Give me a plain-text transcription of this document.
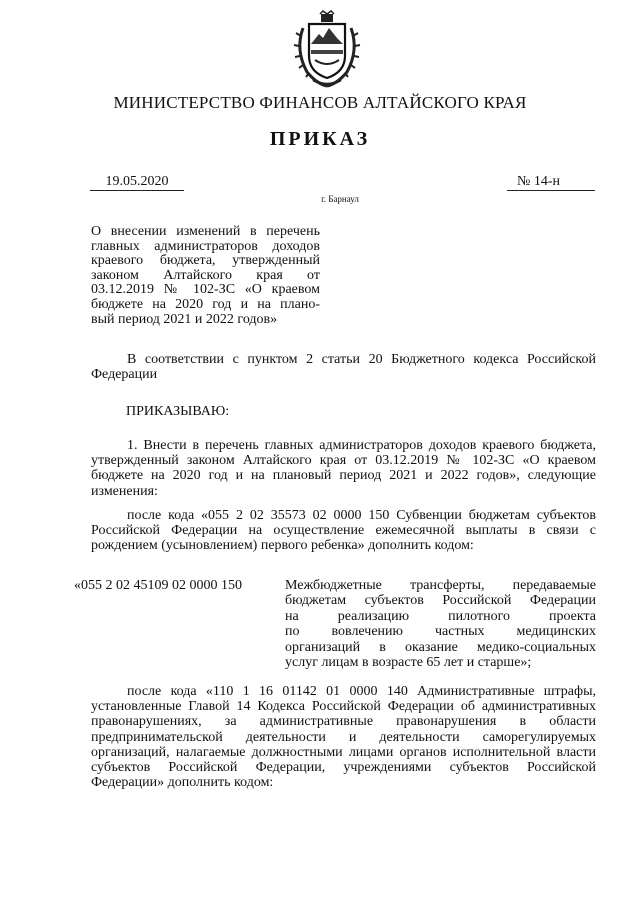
МИНИСТЕРСТВО ФИНАНСОВ АЛТАЙСКОГО КРАЯ
ПРИКАЗ
19.05.2020	№ 14-н
г. Барнаул
О внесении изменений в перечень
главных администраторов доходов
краевого бюджета, утвержденный
законом Алтайского края от
03.12.2019 № 102-ЗС «О краевом
бюджете на 2020 год и на плано-
вый период 2021 и 2022 годов»
В соответствии с пунктом 2 статьи 20 Бюджетного кодекса Российской Федерации
ПРИКАЗЫВАЮ:
1. Внести в перечень главных администраторов доходов краевого бюджета, утвержденный законом Алтайского края от 03.12.2019 № 102-ЗС «О краевом бюджете на 2020 год и на плановый период 2021 и 2022 годов», следующие изменения:
после кода «055 2 02 35573 02 0000 150 Субвенции бюджетам субъектов Российской Федерации на осуществление ежемесячной выплаты в связи с рождением (усыновлением) первого ребенка» дополнить кодом:
«055 2 02 45109 02 0000 150	Межбюджетные трансферты, передаваемые
бюджетам субъектов Российской Федерации
на реализацию пилотного проекта
по вовлечению частных медицинских
организаций в оказание медико-социальных
услуг лицам в возрасте 65 лет и старше»;
после кода «110 1 16 01142 01 0000 140 Административные штрафы, установленные Главой 14 Кодекса Российской Федерации об административных правонарушениях, за административные правонарушения в области предпринимательской деятельности и деятельности саморегулируемых организаций, налагаемые должностными лицами органов исполнительной власти субъектов Российской Федерации, учреждениями субъектов Российской Федерации» дополнить кодом:
